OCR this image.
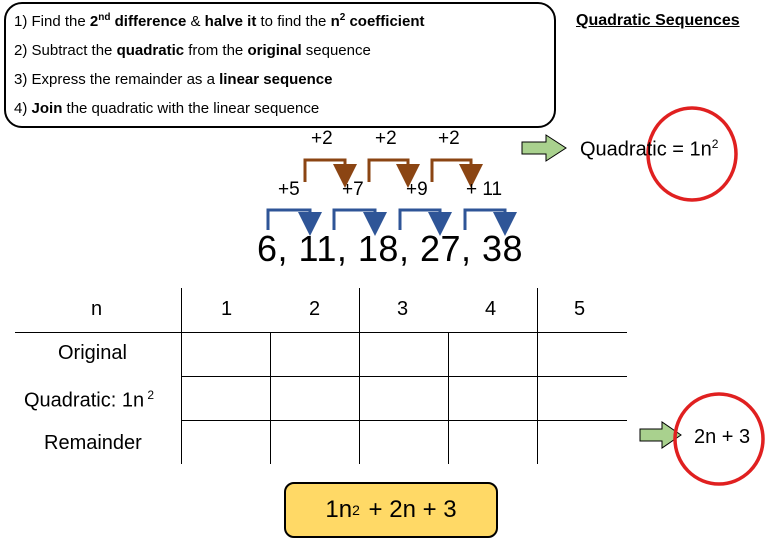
1) Find the 2nd difference & halve it to find the $n^2$ coefficient
2) Subtract the quadratic from the original sequence
3) Express the remainder as a linear sequence
4) Join the quadratic with the linear sequence
Quadratic Sequences
+2 +2 +2
+5 +7 +9 + 11
6, 11, 18, 27, 38
Quadratic = $1n^2$
2n + 3
n	1	2	3	4	5
Original
Quadratic: 1n $^2$
Remainder
1n 2 + 2n + 3
